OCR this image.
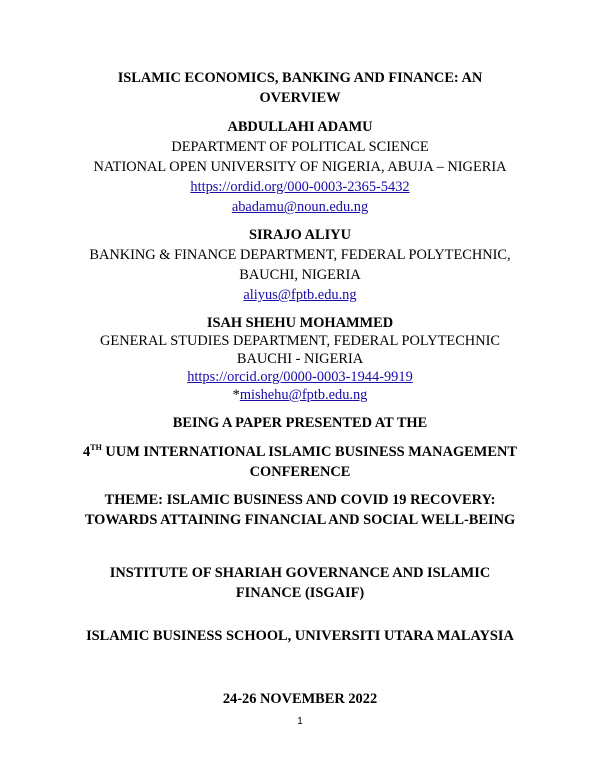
ISLAMIC ECONOMICS, BANKING AND FINANCE: AN
OVERVIEW
ABDULLAHI ADAMU
DEPARTMENT OF POLITICAL SCIENCE
NATIONAL OPEN UNIVERSITY OF NIGERIA, ABUJA – NIGERIA
https://ordid.org/000-0003-2365-5432
abadamu@noun.edu.ng
SIRAJO ALIYU
BANKING & FINANCE DEPARTMENT, FEDERAL POLYTECHNIC,
BAUCHI, NIGERIA
aliyus@fptb.edu.ng
ISAH SHEHU MOHAMMED
GENERAL STUDIES DEPARTMENT, FEDERAL POLYTECHNIC
BAUCHI - NIGERIA
https://orcid.org/0000-0003-1944-9919
*mishehu@fptb.edu.ng
BEING A PAPER PRESENTED AT THE
4TH UUM INTERNATIONAL ISLAMIC BUSINESS MANAGEMENT
CONFERENCE
THEME: ISLAMIC BUSINESS AND COVID 19 RECOVERY:
TOWARDS ATTAINING FINANCIAL AND SOCIAL WELL-BEING
INSTITUTE OF SHARIAH GOVERNANCE AND ISLAMIC
FINANCE (ISGAIF)
ISLAMIC BUSINESS SCHOOL, UNIVERSITI UTARA MALAYSIA
24-26 NOVEMBER 2022
1
